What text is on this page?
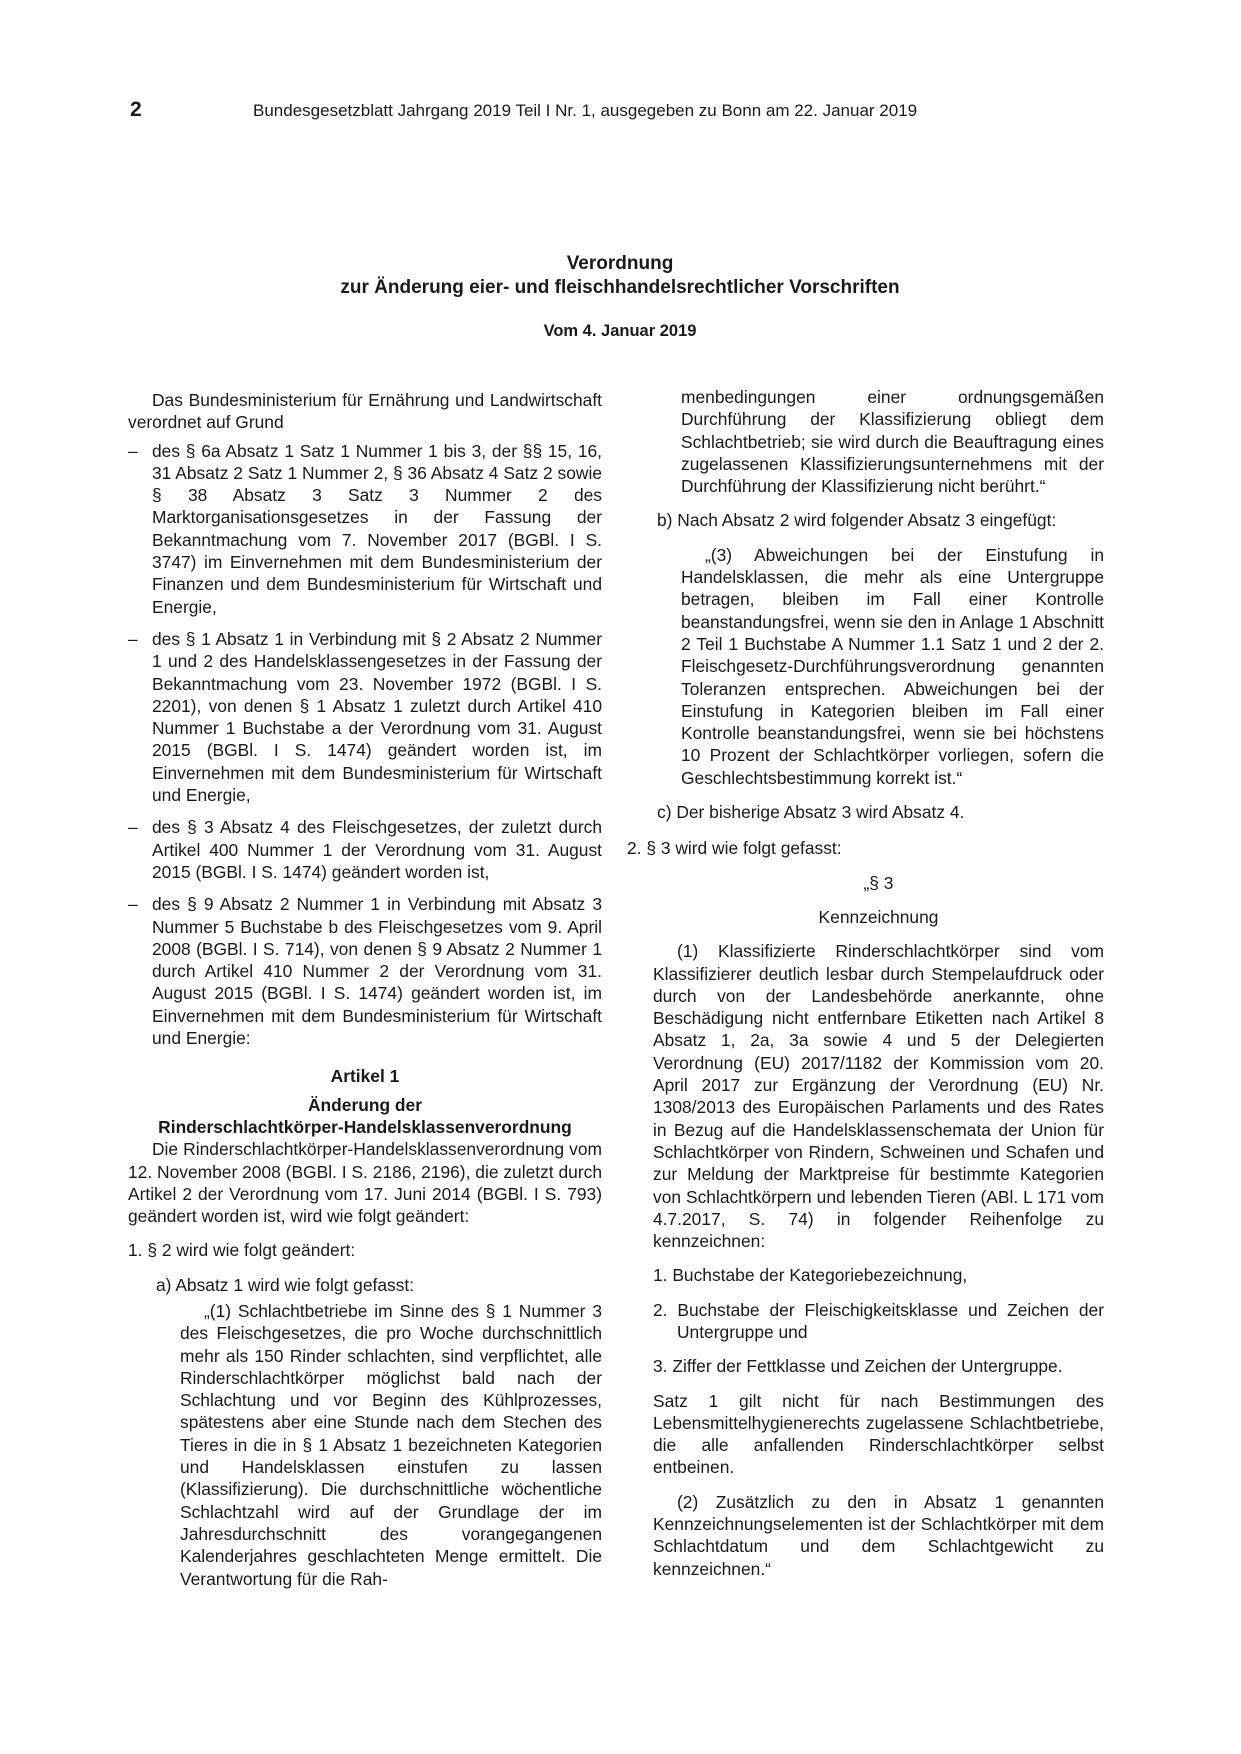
2	Bundesgesetzblatt Jahrgang 2019 Teil I Nr. 1, ausgegeben zu Bonn am 22. Januar 2019
Verordnung
zur Änderung eier- und fleischhandelsrechtlicher Vorschriften
Vom 4. Januar 2019

Das Bundesministerium für Ernährung und Landwirtschaft verordnet auf Grund

– des § 6a Absatz 1 Satz 1 Nummer 1 bis 3, der §§ 15, 16, 31 Absatz 2 Satz 1 Nummer 2, § 36 Absatz 4 Satz 2 sowie § 38 Absatz 3 Satz 3 Nummer 2 des Marktorganisationsgesetzes in der Fassung der Bekanntmachung vom 7. November 2017 (BGBl. I S. 3747) im Einvernehmen mit dem Bundesministerium der Finanzen und dem Bundesministerium für Wirtschaft und Energie,

– des § 1 Absatz 1 in Verbindung mit § 2 Absatz 2 Nummer 1 und 2 des Handelsklassengesetzes in der Fassung der Bekanntmachung vom 23. November 1972 (BGBl. I S. 2201), von denen § 1 Absatz 1 zuletzt durch Artikel 410 Nummer 1 Buchstabe a der Verordnung vom 31. August 2015 (BGBl. I S. 1474) geändert worden ist, im Einvernehmen mit dem Bundesministerium für Wirtschaft und Energie,

– des § 3 Absatz 4 des Fleischgesetzes, der zuletzt durch Artikel 400 Nummer 1 der Verordnung vom 31. August 2015 (BGBl. I S. 1474) geändert worden ist,

– des § 9 Absatz 2 Nummer 1 in Verbindung mit Absatz 3 Nummer 5 Buchstabe b des Fleischgesetzes vom 9. April 2008 (BGBl. I S. 714), von denen § 9 Absatz 2 Nummer 1 durch Artikel 410 Nummer 2 der Verordnung vom 31. August 2015 (BGBl. I S. 1474) geändert worden ist, im Einvernehmen mit dem Bundesministerium für Wirtschaft und Energie:

Artikel 1

Änderung der

Rinderschlachtkörper-Handelsklassenverordnung

Die Rinderschlachtkörper-Handelsklassenverordnung vom 12. November 2008 (BGBl. I S. 2186, 2196), die zuletzt durch Artikel 2 der Verordnung vom 17. Juni 2014 (BGBl. I S. 793) geändert worden ist, wird wie folgt geändert:

1. § 2 wird wie folgt geändert:

a) Absatz 1 wird wie folgt gefasst:

„(1) Schlachtbetriebe im Sinne des § 1 Nummer 3 des Fleischgesetzes, die pro Woche durchschnittlich mehr als 150 Rinder schlachten, sind verpflichtet, alle Rinderschlachtkörper möglichst bald nach der Schlachtung und vor Beginn des Kühlprozesses, spätestens aber eine Stunde nach dem Stechen des Tieres in die in § 1 Absatz 1 bezeichneten Kategorien und Handelsklassen einstufen zu lassen (Klassifizierung). Die durchschnittliche wöchentliche Schlachtzahl wird auf der Grundlage der im Jahresdurchschnitt des vorangegangenen Kalenderjahres geschlachteten Menge ermittelt. Die Verantwortung für die Rah-

menbedingungen einer ordnungsgemäßen Durchführung der Klassifizierung obliegt dem Schlachtbetrieb; sie wird durch die Beauftragung eines zugelassenen Klassifizierungsunternehmens mit der Durchführung der Klassifizierung nicht berührt.“

b) Nach Absatz 2 wird folgender Absatz 3 eingefügt:

„(3) Abweichungen bei der Einstufung in Handelsklassen, die mehr als eine Untergruppe betragen, bleiben im Fall einer Kontrolle beanstandungsfrei, wenn sie den in Anlage 1 Abschnitt 2 Teil 1 Buchstabe A Nummer 1.1 Satz 1 und 2 der 2. Fleischgesetz-Durchführungsverordnung genannten Toleranzen entsprechen. Abweichungen bei der Einstufung in Kategorien bleiben im Fall einer Kontrolle beanstandungsfrei, wenn sie bei höchstens 10 Prozent der Schlachtkörper vorliegen, sofern die Geschlechtsbestimmung korrekt ist.“

c) Der bisherige Absatz 3 wird Absatz 4.

2. § 3 wird wie folgt gefasst:

„§ 3

Kennzeichnung

(1) Klassifizierte Rinderschlachtkörper sind vom Klassifizierer deutlich lesbar durch Stempelaufdruck oder durch von der Landesbehörde anerkannte, ohne Beschädigung nicht entfernbare Etiketten nach Artikel 8 Absatz 1, 2a, 3a sowie 4 und 5 der Delegierten Verordnung (EU) 2017/1182 der Kommission vom 20. April 2017 zur Ergänzung der Verordnung (EU) Nr. 1308/2013 des Europäischen Parlaments und des Rates in Bezug auf die Handelsklassenschemata der Union für Schlachtkörper von Rindern, Schweinen und Schafen und zur Meldung der Marktpreise für bestimmte Kategorien von Schlachtkörpern und lebenden Tieren (ABl. L 171 vom 4.7.2017, S. 74) in folgender Reihenfolge zu kennzeichnen:

1. Buchstabe der Kategoriebezeichnung,

2. Buchstabe der Fleischigkeitsklasse und Zeichen der Untergruppe und

3. Ziffer der Fettklasse und Zeichen der Untergruppe.

Satz 1 gilt nicht für nach Bestimmungen des Lebensmittelhygienerechts zugelassene Schlachtbetriebe, die alle anfallenden Rinderschlachtkörper selbst entbeinen.

(2) Zusätzlich zu den in Absatz 1 genannten Kennzeichnungselementen ist der Schlachtkörper mit dem Schlachtdatum und dem Schlachtgewicht zu kennzeichnen.“
